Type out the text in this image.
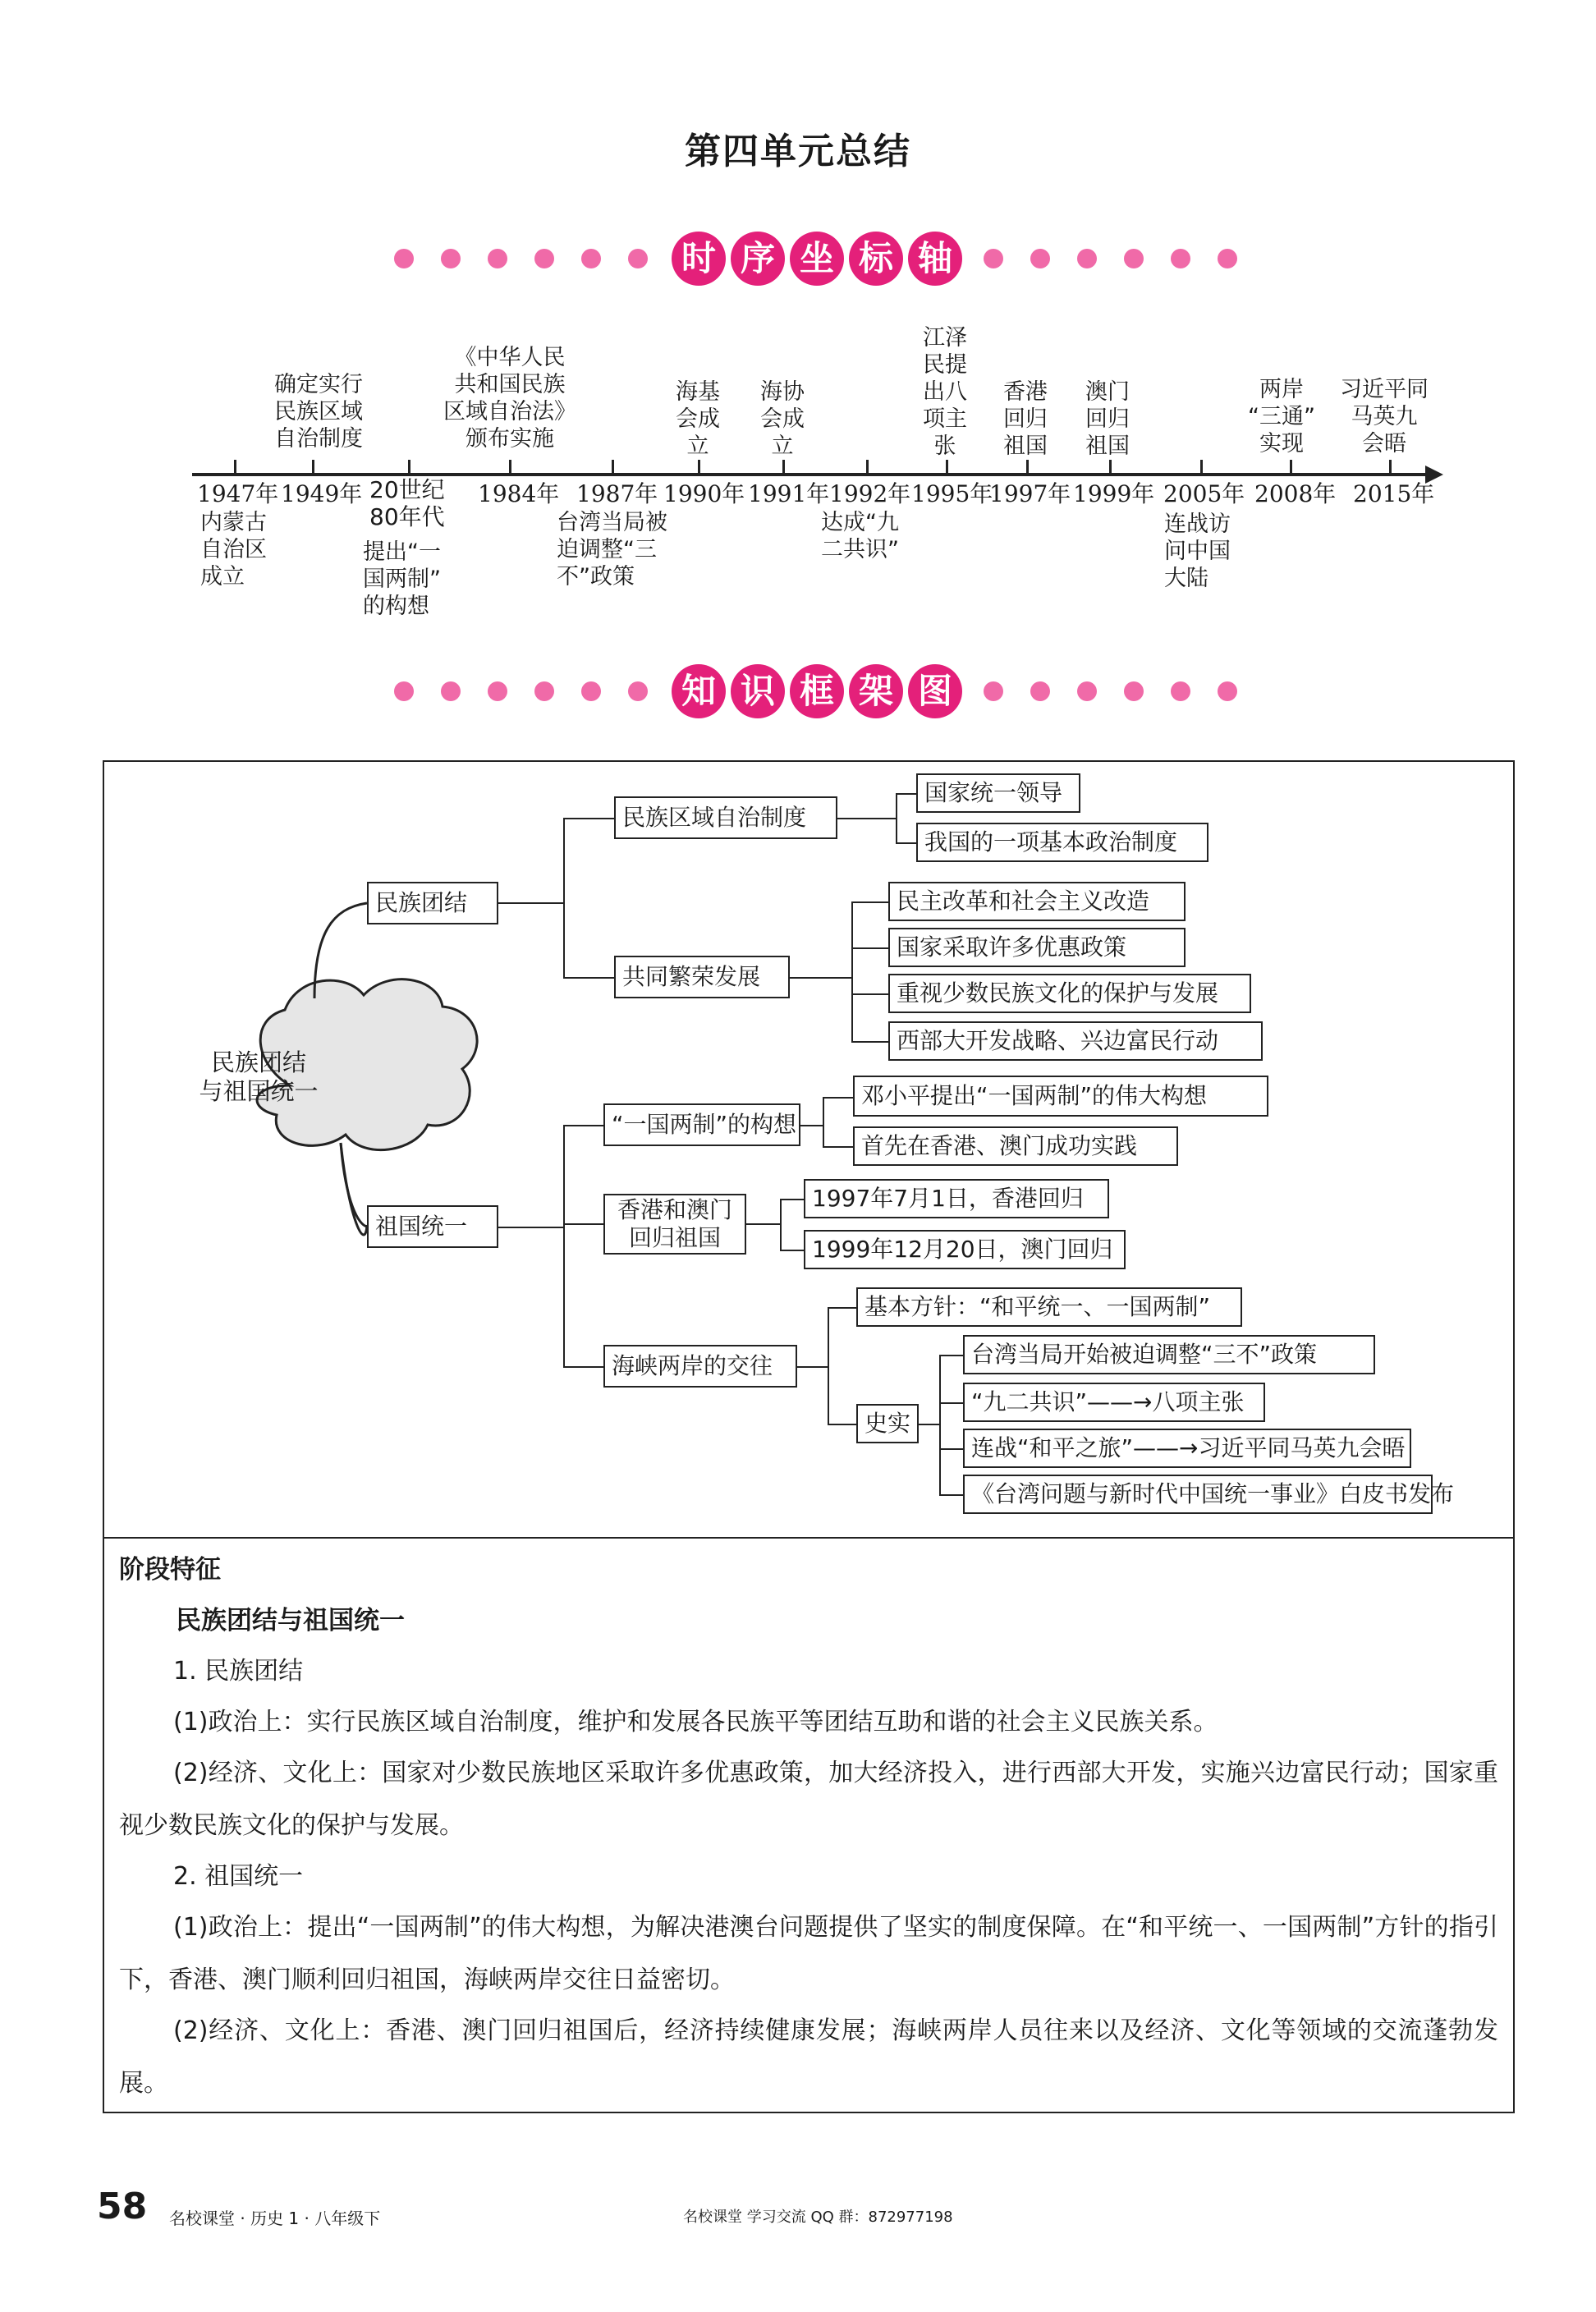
第四单元总结
时 序 坐 标 轴
1947年 1949年 20世纪
80年代
1984年 1987年 1990年 1991年 1992年 1995年
1997年 1999年 2005年 2008年 2015年
确定实行
民族区域
自治制度
《中华人民
共和国民族
区域自治法》
颁布实施
海基
会成
立
海协
会成
立
江泽
民提
出八
项主
张
香港
回归
祖国
澳门
回归
祖国
两岸
“三通”
实现
习近平同
马英九
会晤
内蒙古
自治区
成立
提出“一
国两制”
的构想
台湾当局被
迫调整“三
不”政策
达成“九
二共识”
连战访
问中国
大陆
知 识 框 架 图
民族团结
与祖国统一
民族团结
祖国统一
民族区域自治制度
共同繁荣发展
国家统一领导
我国的一项基本政治制度
民主改革和社会主义改造
国家采取许多优惠政策
重视少数民族文化的保护与发展
西部大开发战略、兴边富民行动
“一国两制”的构想
香港和澳门
回归祖国
海峡两岸的交往
邓小平提出“一国两制”的伟大构想
首先在香港、澳门成功实践
1997年7月1日，香港回归
1999年12月20日，澳门回归
基本方针：“和平统一、一国两制”
史实
台湾当局开始被迫调整“三不”政策
“九二共识”——→八项主张
连战“和平之旅”——→习近平同马英九会晤
《台湾问题与新时代中国统一事业》白皮书发布
阶段特征
民族团结与祖国统一
1. 民族团结
(1)政治上：实行民族区域自治制度，维护和发展各民族平等团结互助和谐的社会主义民族关系。
(2)经济、文化上：国家对少数民族地区采取许多优惠政策，加大经济投入，进行西部大开发，实施兴边富民行动；国家重视少数民族文化的保护与发展。
2. 祖国统一
(1)政治上：提出“一国两制”的伟大构想，为解决港澳台问题提供了坚实的制度保障。在“和平统一、一国两制”方针的指引下，香港、澳门顺利回归祖国，海峡两岸交往日益密切。
(2)经济、文化上：香港、澳门回归祖国后，经济持续健康发展；海峡两岸人员往来以及经济、文化等领域的交流蓬勃发展。
58 名校课堂 · 历史 1 · 八年级下	名校课堂 学习交流 QQ 群：872977198
